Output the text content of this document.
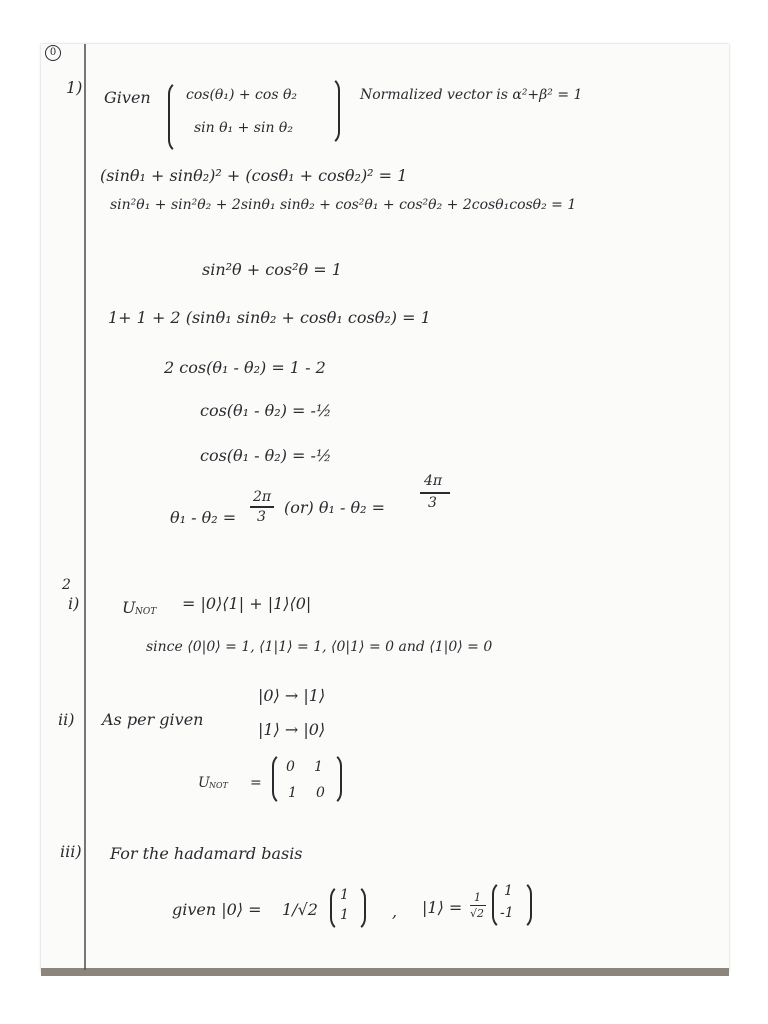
0
1)
Given	cos(θ₁) + cos θ₂
sin θ₁ + sin θ₂
Normalized vector is α²+β² = 1
(sinθ₁ + sinθ₂)² + (cosθ₁ + cosθ₂)² = 1
sin²θ₁ + sin²θ₂ + 2sinθ₁ sinθ₂ + cos²θ₁ + cos²θ₂ + 2cosθ₁cosθ₂ = 1
sin²θ + cos²θ = 1
1+ 1 + 2 (sinθ₁ sinθ₂ + cosθ₁ cosθ₂) = 1
2 cos(θ₁ - θ₂) = 1 - 2
cos(θ₁ - θ₂) = -½
cos(θ₁ - θ₂) = -½
θ₁ - θ₂ =
2π
3 (or) θ₁ - θ₂ =
4π
3
2
i)	U NOT = |0⟩⟨1| + |1⟩⟨0|
since ⟨0|0⟩ = 1, ⟨1|1⟩ = 1, ⟨0|1⟩ = 0 and ⟨1|0⟩ = 0
ii) As per given
|0⟩ → |1⟩
|1⟩ → |0⟩
U NOT =
0 1
1 0
iii) For the hadamard basis
given |0⟩ = 1/√2
1
1	, |1⟩ =
1
√2
1
-1
